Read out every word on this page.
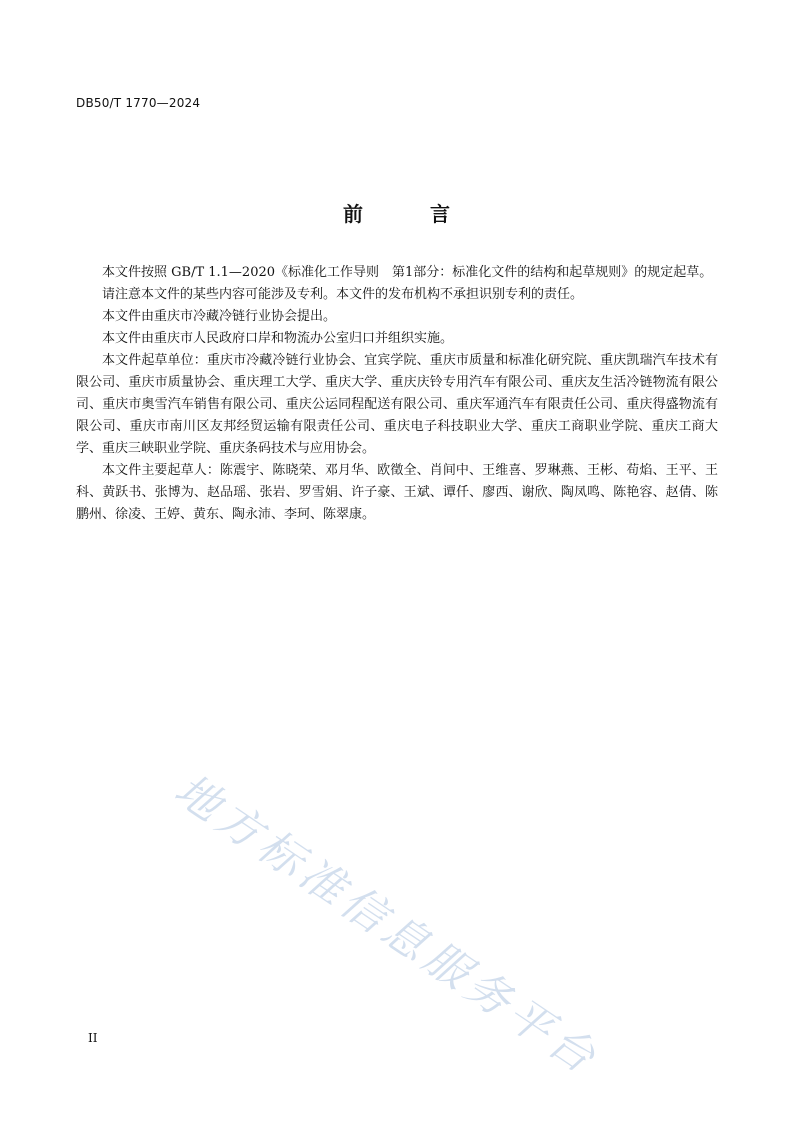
DB50/T 1770—2024
前 言

本文件按照 GB/T 1.1—2020《标准化工作导则　第1部分：标准化文件的结构和起草规则》的规定起草。

请注意本文件的某些内容可能涉及专利。本文件的发布机构不承担识别专利的责任。

本文件由重庆市冷藏冷链行业协会提出。

本文件由重庆市人民政府口岸和物流办公室归口并组织实施。

本文件起草单位：重庆市冷藏冷链行业协会、宜宾学院、重庆市质量和标准化研究院、重庆凯瑞汽车技术有限公司、重庆市质量协会、重庆理工大学、重庆大学、重庆庆铃专用汽车有限公司、重庆友生活冷链物流有限公司、重庆市奥雪汽车销售有限公司、重庆公运同程配送有限公司、重庆军通汽车有限责任公司、重庆得盛物流有限公司、重庆市南川区友邦经贸运输有限责任公司、重庆电子科技职业大学、重庆工商职业学院、重庆工商大学、重庆三峡职业学院、重庆条码技术与应用协会。

本文件主要起草人：陈震宇、陈晓荣、邓月华、欧徵全、肖间中、王维喜、罗琳燕、王彬、苟焰、王平、王科、黄跃书、张博为、赵品瑶、张岩、罗雪娟、许子豪、王斌、谭仟、廖西、谢欣、陶凤鸣、陈艳容、赵倩、陈鹏州、徐凌、王婷、黄东、陶永沛、李珂、陈翠康。

地方标准信息服务平台
II
